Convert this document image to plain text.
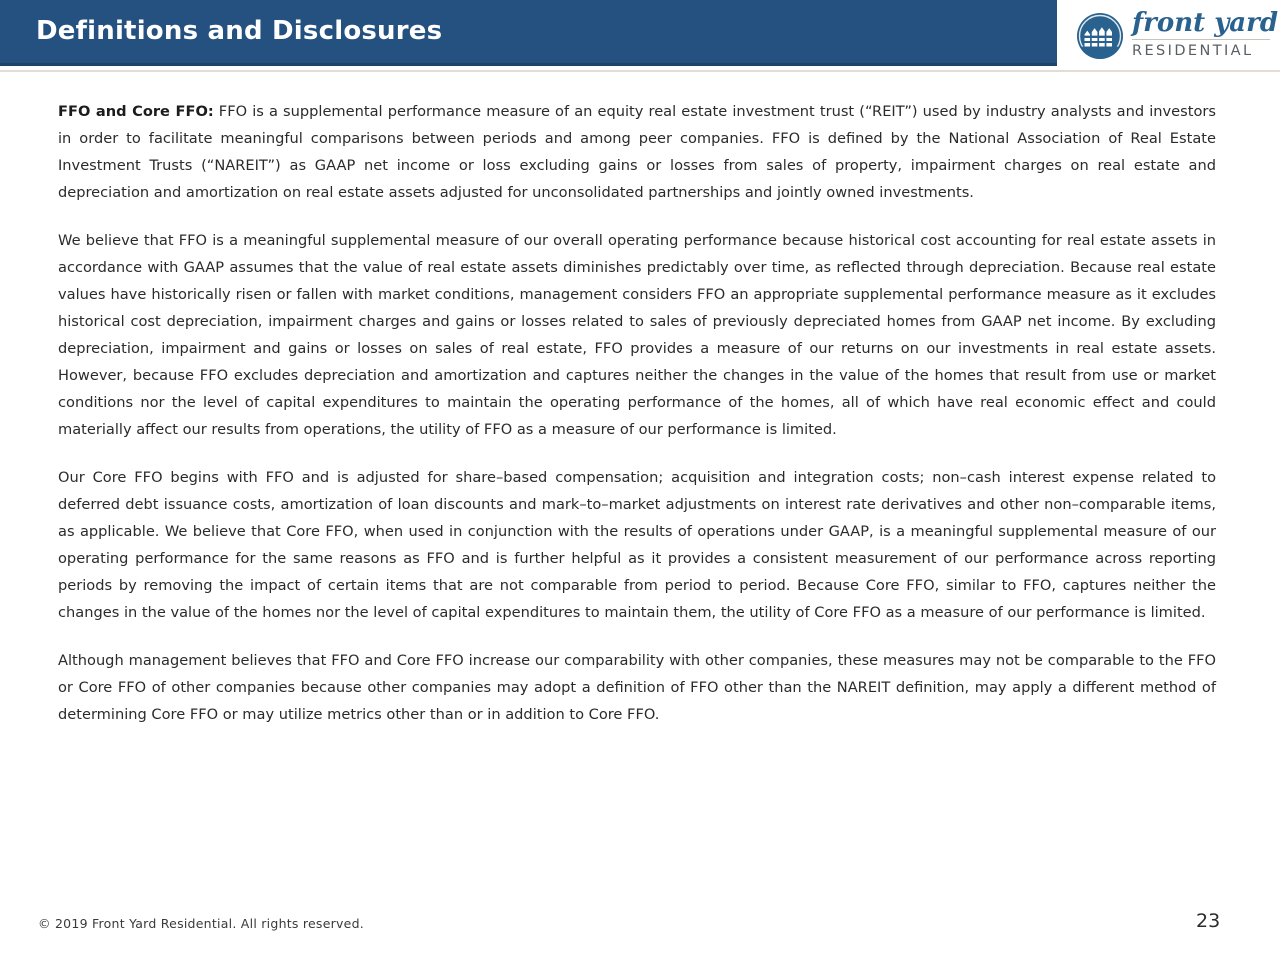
Definitions and Disclosures	front yard
RESIDENTIAL

FFO and Core FFO: FFO is a supplemental performance measure of an equity real estate investment trust (“REIT”) used by industry analysts and investors in order to facilitate meaningful comparisons between periods and among peer companies. FFO is defined by the National Association of Real Estate Investment Trusts (“NAREIT”) as GAAP net income or loss excluding gains or losses from sales of property, impairment charges on real estate and depreciation and amortization on real estate assets adjusted for unconsolidated partnerships and jointly owned investments.

We believe that FFO is a meaningful supplemental measure of our overall operating performance because historical cost accounting for real estate assets in accordance with GAAP assumes that the value of real estate assets diminishes predictably over time, as reflected through depreciation. Because real estate values have historically risen or fallen with market conditions, management considers FFO an appropriate supplemental performance measure as it excludes historical cost depreciation, impairment charges and gains or losses related to sales of previously depreciated homes from GAAP net income. By excluding depreciation, impairment and gains or losses on sales of real estate, FFO provides a measure of our returns on our investments in real estate assets. However, because FFO excludes depreciation and amortization and captures neither the changes in the value of the homes that result from use or market conditions nor the level of capital expenditures to maintain the operating performance of the homes, all of which have real economic effect and could materially affect our results from operations, the utility of FFO as a measure of our performance is limited.

Our Core FFO begins with FFO and is adjusted for share–based compensation; acquisition and integration costs; non–cash interest expense related to deferred debt issuance costs, amortization of loan discounts and mark–to–market adjustments on interest rate derivatives and other non–comparable items, as applicable. We believe that Core FFO, when used in conjunction with the results of operations under GAAP, is a meaningful supplemental measure of our operating performance for the same reasons as FFO and is further helpful as it provides a consistent measurement of our performance across reporting periods by removing the impact of certain items that are not comparable from period to period. Because Core FFO, similar to FFO, captures neither the changes in the value of the homes nor the level of capital expenditures to maintain them, the utility of Core FFO as a measure of our performance is limited.

Although management believes that FFO and Core FFO increase our comparability with other companies, these measures may not be comparable to the FFO or Core FFO of other companies because other companies may adopt a definition of FFO other than the NAREIT definition, may apply a different method of determining Core FFO or may utilize metrics other than or in addition to Core FFO.

© 2019 Front Yard Residential. All rights reserved.	23
